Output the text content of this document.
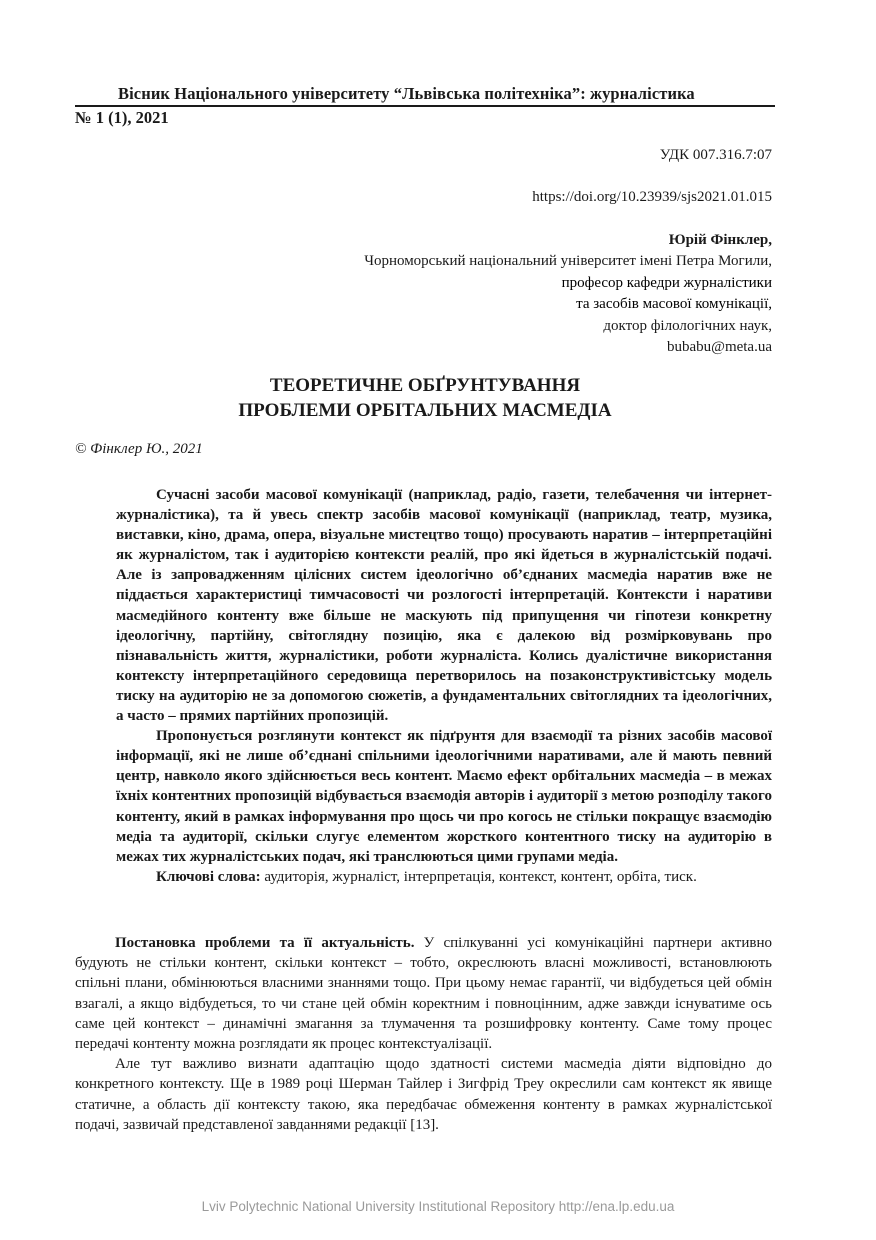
Вісник Національного університету “Львівська політехніка”: журналістика
№ 1 (1), 2021
УДК 007.316.7:07
https://doi.org/10.23939/sjs2021.01.015
Юрій Фінклер,
Чорноморський національний університет імені Петра Могили,
професор кафедри журналістики
та засобів масової комунікації,
доктор філологічних наук,
bubabu@meta.ua
ТЕОРЕТИЧНЕ ОБҐРУНТУВАННЯ
ПРОБЛЕМИ ОРБІТАЛЬНИХ МАСМЕДІА
© Фінклер Ю., 2021

Сучасні засоби масової комунікації (наприклад, радіо, газети, телебачення чи інтернет-журналістика), та й увесь спектр засобів масової комунікації (наприклад, театр, музика, виставки, кіно, драма, опера, візуальне мистецтво тощо) просувають наратив – інтерпретаційні як журналістом, так і аудиторією контексти реалій, про які йдеться в журналістській подачі. Але із запровадженням цілісних систем ідеологічно об’єднаних масмедіа наратив вже не піддається характеристиці тимчасовості чи розлогості інтерпретацій. Контексти і наративи масмедійного контенту вже більше не маскують під припущення чи гіпотези конкретну ідеологічну, партійну, світоглядну позицію, яка є далекою від розмірковувань про пізнавальність життя, журналістики, роботи журналіста. Колись дуалістичне використання контексту інтерпретаційного середовища перетворилось на позаконструктивістську модель тиску на аудиторію не за допомогою сюжетів, а фундаментальних світоглядних та ідеологічних, а часто – прямих партійних пропозицій.

Пропонується розглянути контекст як підґрунтя для взаємодії та різних засобів масової інформації, які не лише об’єднані спільними ідеологічними наративами, але й мають певний центр, навколо якого здійснюється весь контент. Маємо ефект орбітальних масмедіа – в межах їхніх контентних пропозицій відбувається взаємодія авторів і аудиторії з метою розподілу такого контенту, який в рамках інформування про щось чи про когось не стільки покращує взаємодію медіа та аудиторії, скільки слугує елементом жорсткого контентного тиску на аудиторію в межах тих журналістських подач, які транслюються цими групами медіа.

Ключові слова: аудиторія, журналіст, інтерпретація, контекст, контент, орбіта, тиск.

Постановка проблеми та її актуальність. У спілкуванні усі комунікаційні партнери активно будують не стільки контент, скільки контекст – тобто, окреслюють власні можливості, встановлюють спільні плани, обмінюються власними знаннями тощо. При цьому немає гарантії, чи відбудеться цей обмін взагалі, а якщо відбудеться, то чи стане цей обмін коректним і повноцінним, адже завжди існуватиме ось саме цей контекст – динамічні змагання за тлумачення та розшифровку контенту. Саме тому процес передачі контенту можна розглядати як процес контекстуалізації.

Але тут важливо визнати адаптацію щодо здатності системи масмедіа діяти відповідно до конкретного контексту. Ще в 1989 році Шерман Тайлер і Зигфрід Треу окреслили сам контекст як явище статичне, а область дії контексту такою, яка передбачає обмеження контенту в рамках журналістської подачі, зазвичай представленої завданнями редакції [13].

Lviv Polytechnic National University Institutional Repository http://ena.lp.edu.ua
